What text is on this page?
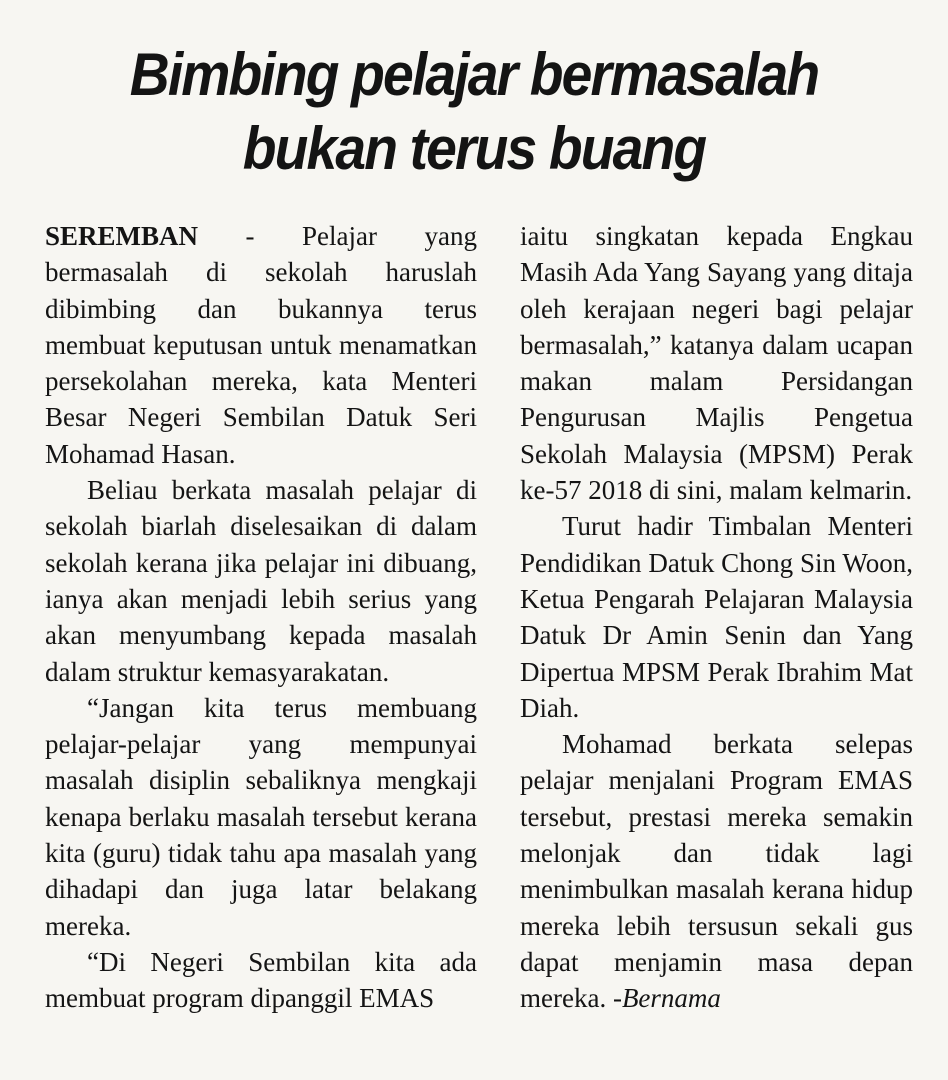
Bimbing pelajar bermasalah
bukan terus buang

SEREMBAN - Pelajar yang bermasalah di sekolah haruslah dibimbing dan bukannya terus membuat keputusan untuk menamatkan persekolahan mereka, kata Menteri Besar Negeri Sembilan Datuk Seri Mohamad Hasan.

Beliau berkata masalah pelajar di sekolah biarlah diselesaikan di dalam sekolah kerana jika pelajar ini dibuang, ianya akan menjadi lebih serius yang akan menyumbang kepada masalah dalam struktur kemasyarakatan.

“Jangan kita terus membuang pelajar-pelajar yang mempunyai masalah disiplin sebaliknya mengkaji kenapa berlaku masalah tersebut kerana kita (guru) tidak tahu apa masalah yang dihadapi dan juga latar belakang mereka.

“Di Negeri Sembilan kita ada membuat program dipanggil EMAS

iaitu singkatan kepada Engkau Masih Ada Yang Sayang yang ditaja oleh kerajaan negeri bagi pelajar bermasalah,” katanya dalam ucapan makan malam Persidangan Pengurusan Majlis Pengetua Sekolah Malaysia (MPSM) Perak ke-57 2018 di sini, malam kelmarin.

Turut hadir Timbalan Menteri Pendidikan Datuk Chong Sin Woon, Ketua Pengarah Pelajaran Malaysia Datuk Dr Amin Senin dan Yang Dipertua MPSM Perak Ibrahim Mat Diah.

Mohamad berkata selepas pelajar menjalani Program EMAS tersebut, prestasi mereka semakin melonjak dan tidak lagi menimbulkan masalah kerana hidup mereka lebih tersusun sekali gus dapat menjamin masa depan mereka. -Bernama
